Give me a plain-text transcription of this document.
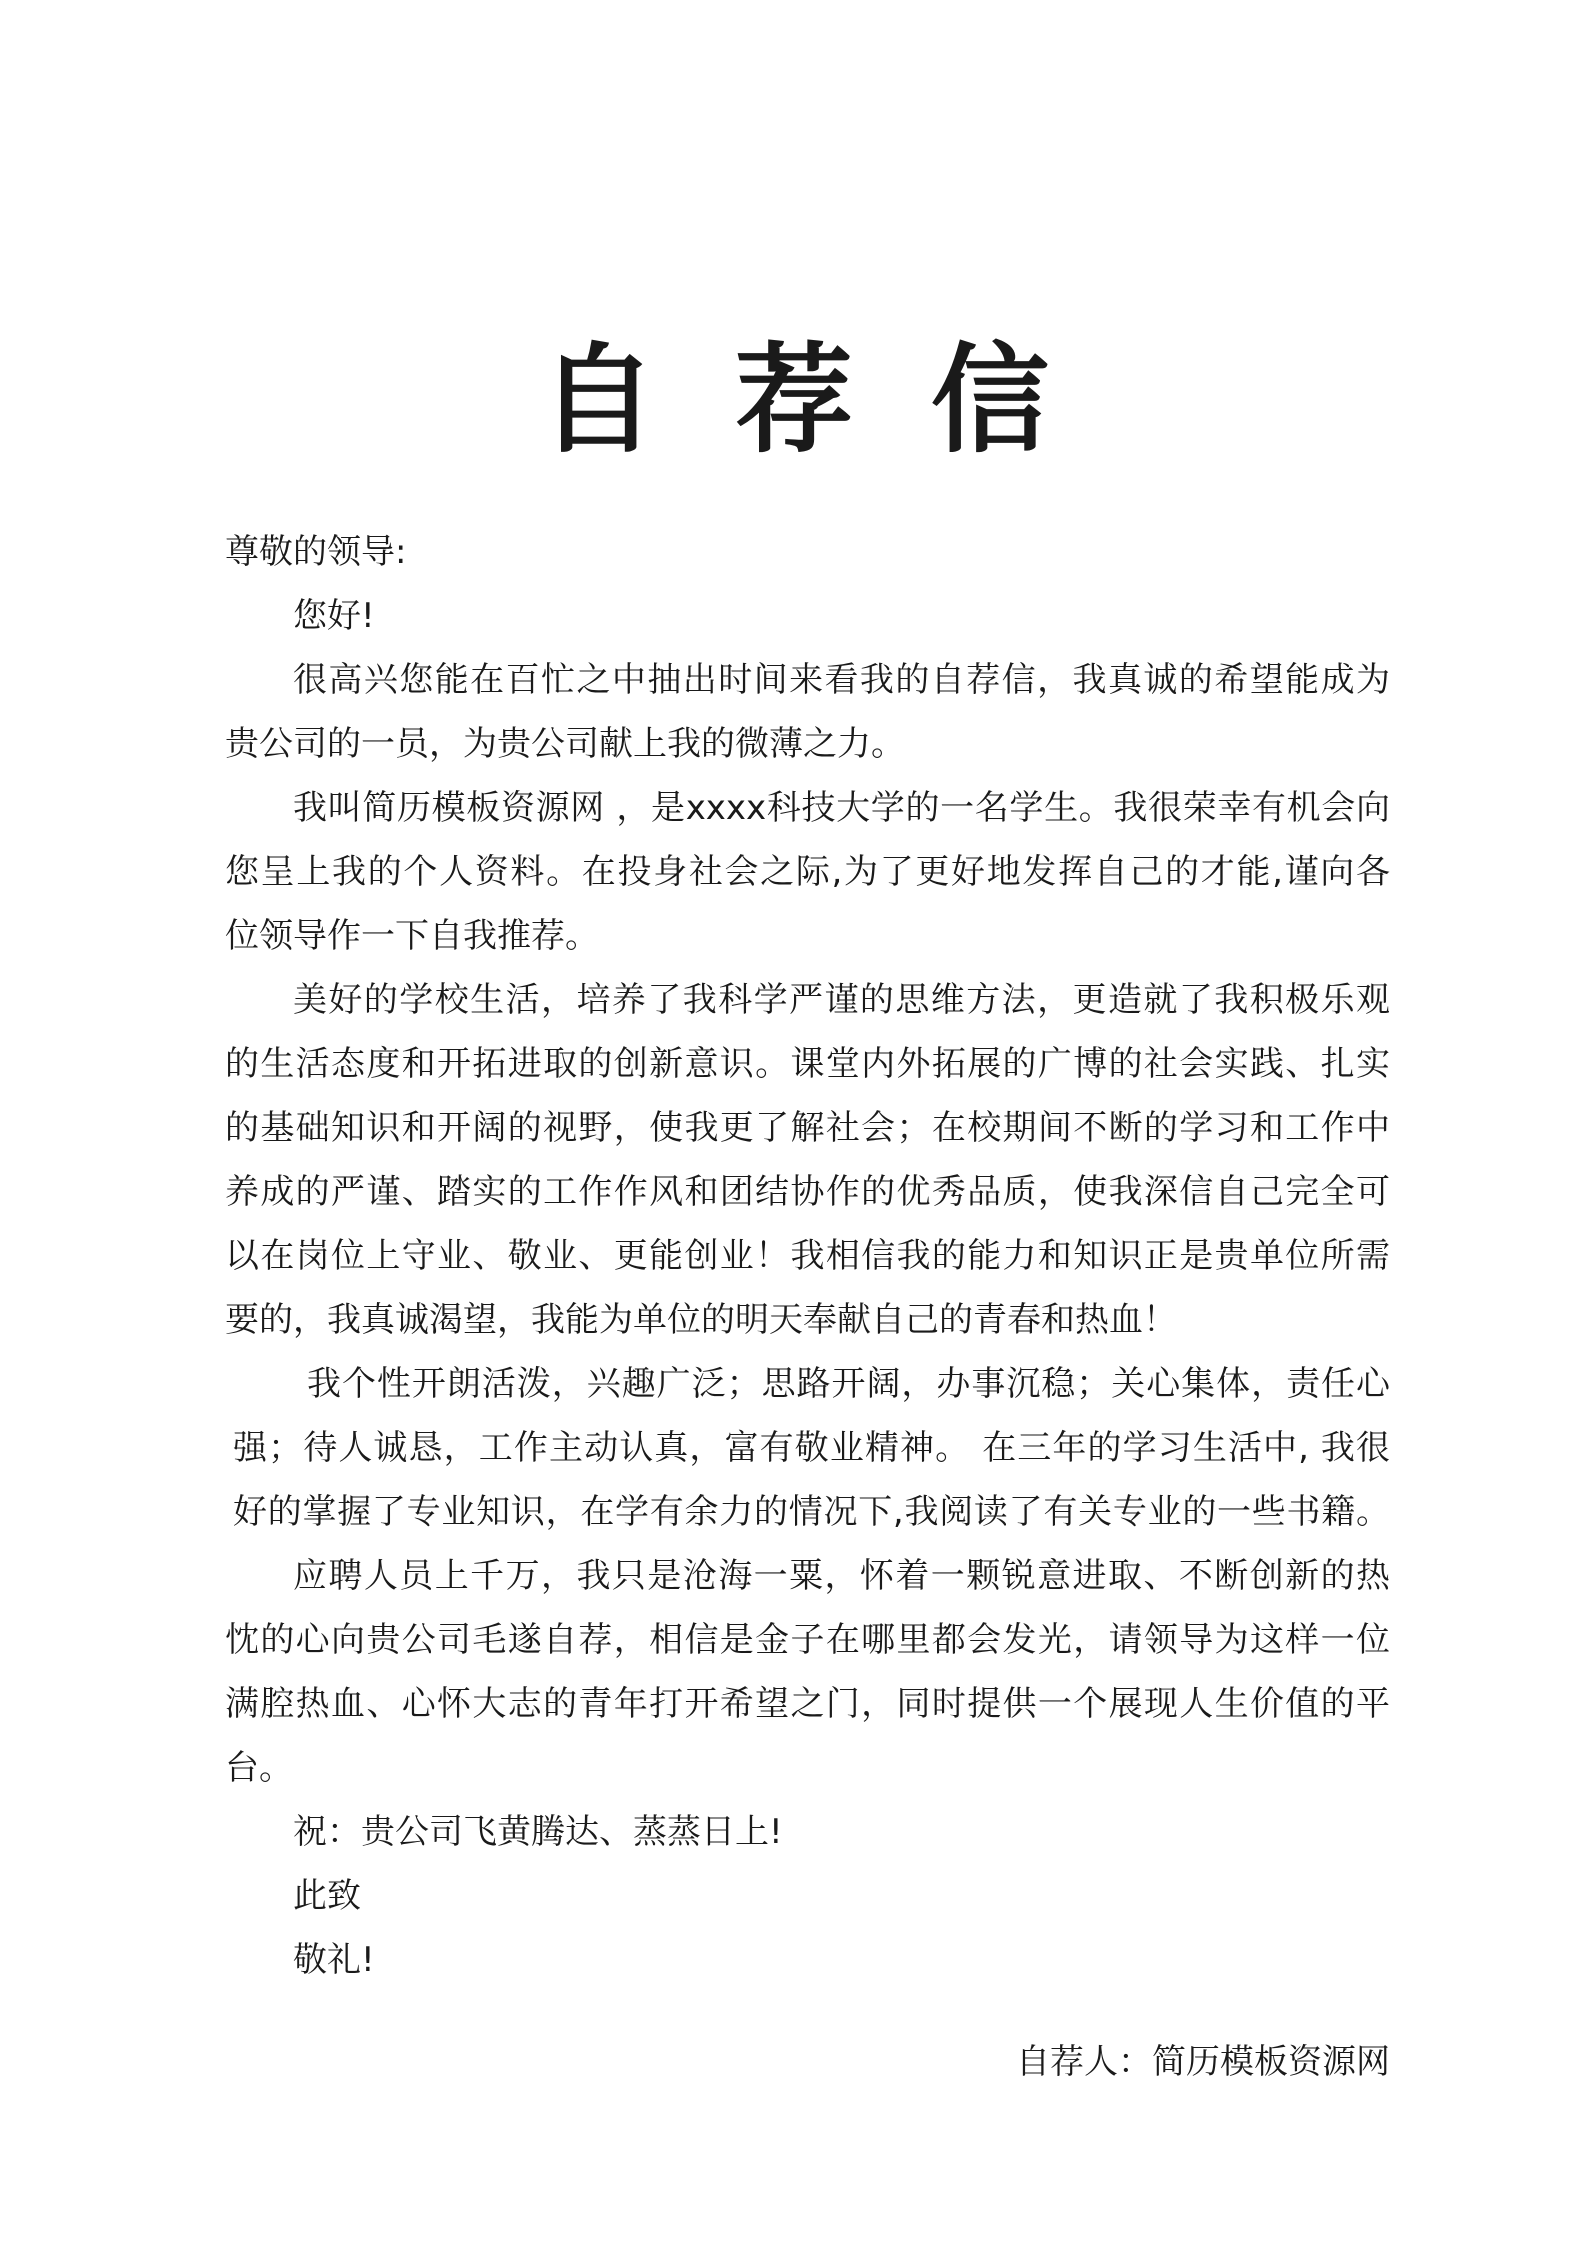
自荐信
尊敬的领导:
您好!
很高兴您能在百忙之中抽出时间来看我的自荐信，我真诚的希望能成为
贵公司的一员，为贵公司献上我的微薄之力。
我叫简历模板资源网 ，是xxxx科技大学的一名学生。我很荣幸有机会向
您呈上我的个人资料。在投身社会之际,为了更好地发挥自己的才能,谨向各
位领导作一下自我推荐。
美好的学校生活，培养了我科学严谨的思维方法，更造就了我积极乐观
的生活态度和开拓进取的创新意识。课堂内外拓展的广博的社会实践、扎实
的基础知识和开阔的视野，使我更了解社会；在校期间不断的学习和工作中
养成的严谨、踏实的工作作风和团结协作的优秀品质，使我深信自己完全可
以在岗位上守业、敬业、更能创业！我相信我的能力和知识正是贵单位所需
要的，我真诚渴望，我能为单位的明天奉献自己的青春和热血！
我个性开朗活泼，兴趣广泛；思路开阔，办事沉稳；关心集体，责任心
强；待人诚恳，工作主动认真，富有敬业精神。 在三年的学习生活中, 我很
好的掌握了专业知识，在学有余力的情况下,我阅读了有关专业的一些书籍。
应聘人员上千万，我只是沧海一粟，怀着一颗锐意进取、不断创新的热
忱的心向贵公司毛遂自荐，相信是金子在哪里都会发光，请领导为这样一位
满腔热血、心怀大志的青年打开希望之门，同时提供一个展现人生价值的平
台。
祝：贵公司飞黄腾达、蒸蒸日上!
此致
敬礼!
自荐人：简历模板资源网
